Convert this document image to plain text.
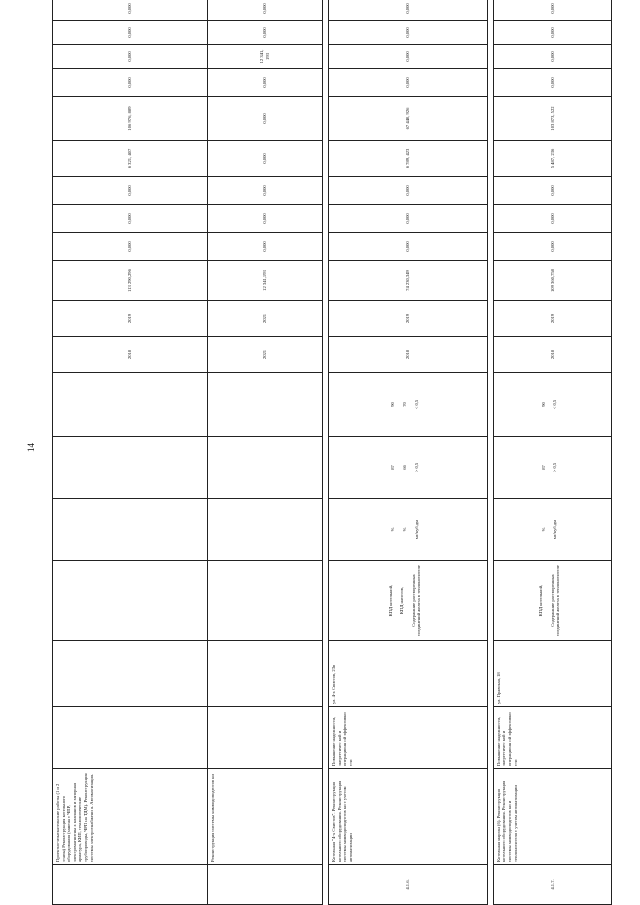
14
	Проектно-изыскательские работы (1 и 2 этапы) Реконструкция котельного оборудования (замена с ЧПР, электромагнитны х клапанов и запорная арматура, КИП, технологические трубопроводы, ЧРП на ТДМ). Реконструкция системы электроснабжени я. Автоматизация.							2018	2019	113 290,296	0,000	0,000	0,000	6 321, 407	106 976, 889	0,000	0,000	0,000	0,000			
	Реконструкция системы химводоподготов ки							2021	2021	12 341,193	0,000	0,000	0,000	0,000	0,000	0,000	12 341, 193	0,000	0,000			

4.1.6.	Котельная "4-х Свистов". Реконструкция котельного оборудования. Реконструкция системы химводоподготов ки с учетом автоматизации	Повышение надежности, энергетичес кой и операционн ой эффективно сти	ул. 4-х Свистов, 23в	КПД котельной, КПД насосов, Содержание растворенных соединений железа в теплоносителе	% % мг/куб.дм	87 66 > 0,5	90 70 < 0,5	2018	2019	74 230,349	0,000	0,000	0,000	6 789, 423	67 440, 926	0,000	0,000	0,000	0,000			

4.1.7.	Котельная марган (б). Реконструкция котельного оборудования. Реконструкция системы химводоподготов ки и теплоносителя с учетом автоматизации	Повышение надежности, энергетичес кой и операционн ой эффективно сти	ул. Правская, 18	КПД котельной, Содержание растворенных соединений железа в теплоносителе	% мг/куб.дм	87 > 0,5	90 < 0,5	2018	2019	109 360,758	0,000	0,000	0,000	5 487, 236	103 873, 522	0,000	0,000	0,000	0,000			
